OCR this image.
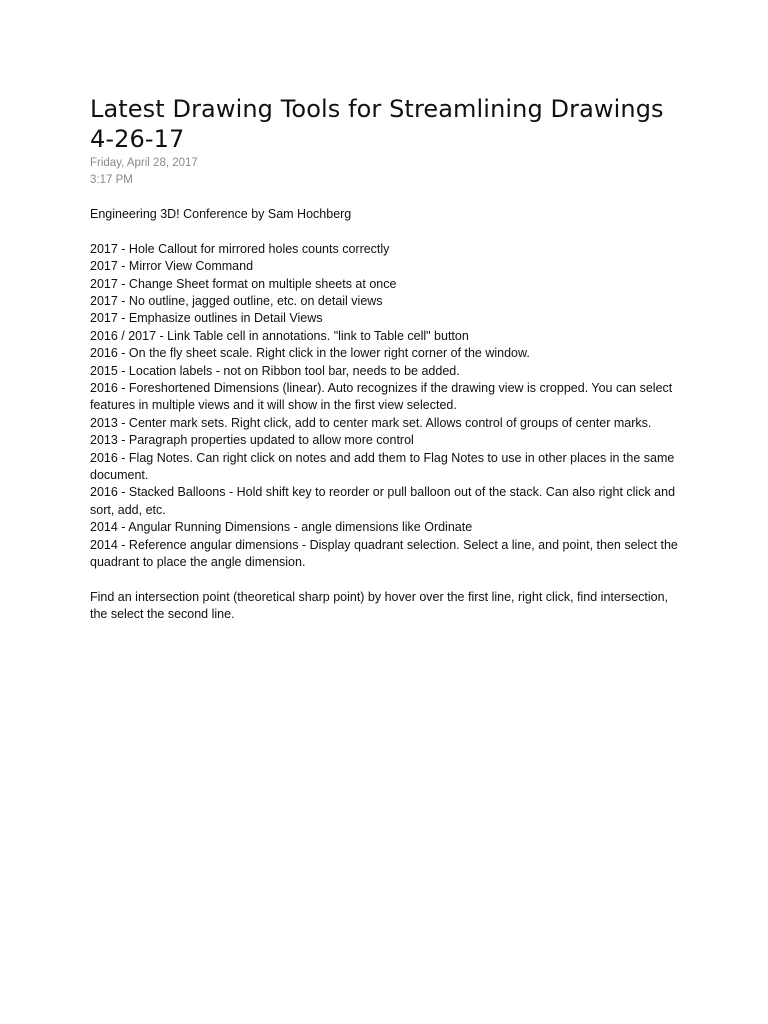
Latest Drawing Tools for Streamlining Drawings 4-26-17
Friday, April 28, 2017
3:17 PM
Engineering 3D! Conference by Sam Hochberg
2017 - Hole Callout for mirrored holes counts correctly
2017 - Mirror View Command
2017 - Change Sheet format on multiple sheets at once
2017 - No outline, jagged outline, etc. on detail views
2017 - Emphasize outlines in Detail Views
2016 / 2017 - Link Table cell in annotations. "link to Table cell" button
2016 - On the fly sheet scale. Right click in the lower right corner of the window.
2015 - Location labels - not on Ribbon tool bar, needs to be added.
2016 - Foreshortened Dimensions (linear). Auto recognizes if the drawing view is cropped. You can select features in multiple views and it will show in the first view selected.
2013 - Center mark sets. Right click, add to center mark set. Allows control of groups of center marks.
2013 - Paragraph properties updated to allow more control
2016 - Flag Notes. Can right click on notes and add them to Flag Notes to use in other places in the same document.
2016 - Stacked Balloons - Hold shift key to reorder or pull balloon out of the stack. Can also right click and sort, add, etc.
2014 - Angular Running Dimensions - angle dimensions like Ordinate
2014 - Reference angular dimensions - Display quadrant selection. Select a line, and point, then select the quadrant to place the angle dimension.
Find an intersection point (theoretical sharp point) by hover over the first line, right click, find intersection, the select the second line.
